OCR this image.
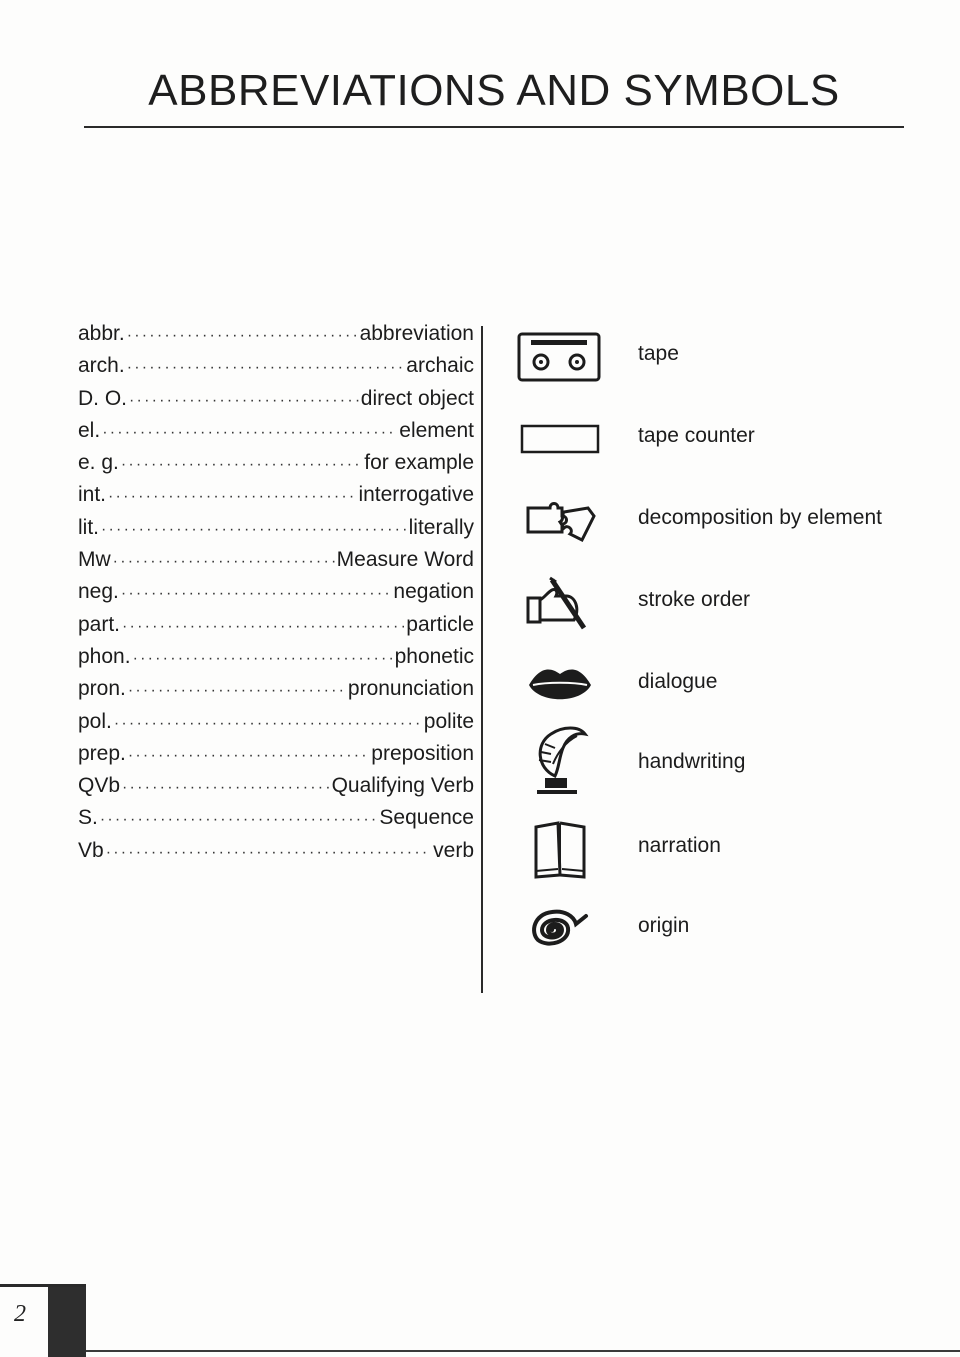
ABBREVIATIONS AND SYMBOLS
abbr. ·····	abbreviation
arch. ·····	archaic
D. O. ·····	direct object
el. ·····	element
e. g. ·····	for example
int. ·····	interrogative
lit. ·····	literally
Mw ·····	Measure Word
neg. ·····	negation
part. ·····	particle
phon. ·····	phonetic
pron. ·····	pronunciation
pol. ·····	polite
prep. ·····	preposition
QVb ·····	Qualifying Verb
S. ·····	Sequence
Vb ·····	verb
tape
tape counter
decomposition by element
stroke order
dialogue
handwriting
narration
origin
2
